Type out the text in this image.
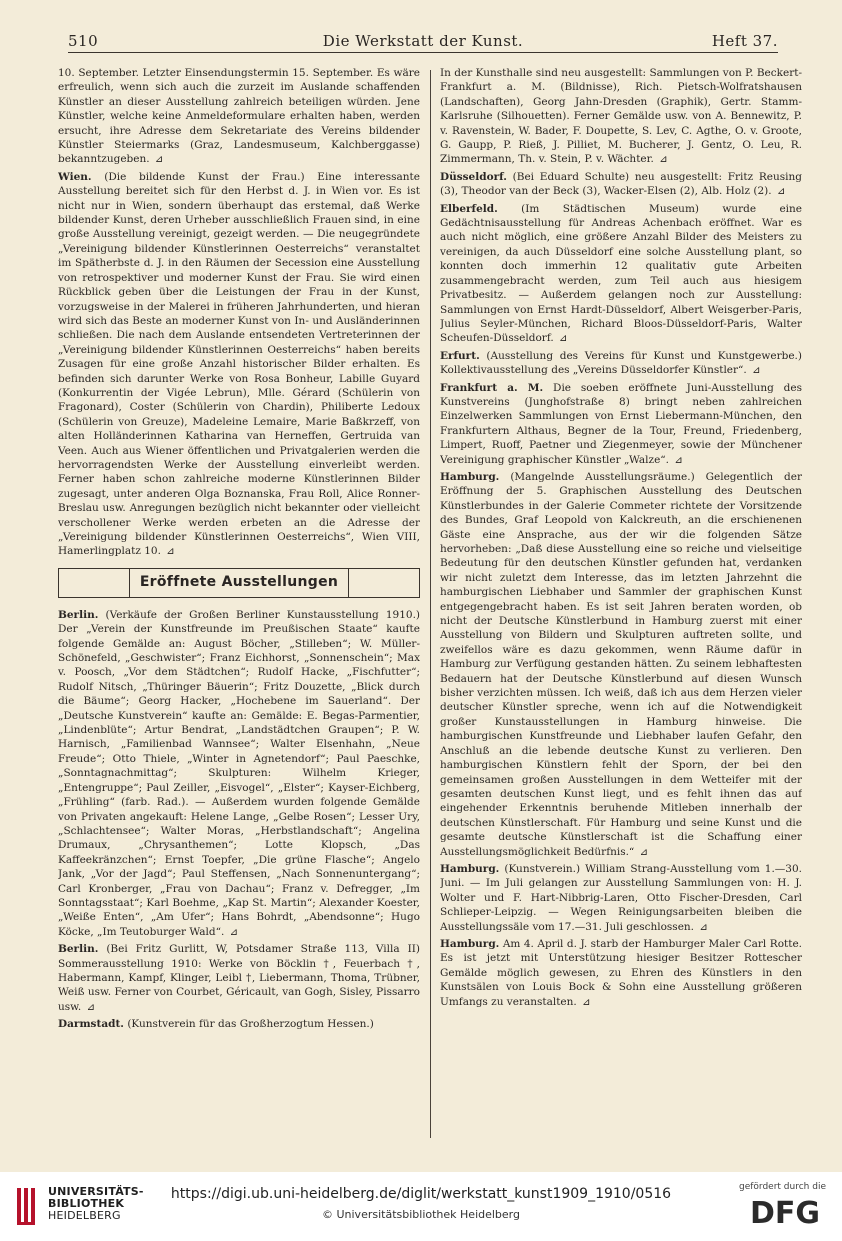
510	Die Werkstatt der Kunst.	Heft 37.

10. September. Letzter Einsendungstermin 15. September. Es wäre erfreulich, wenn sich auch die zurzeit im Auslande schaffenden Künstler an dieser Ausstellung zahlreich beteiligen würden. Jene Künstler, welche keine Anmeldeformulare erhalten haben, werden ersucht, ihre Adresse dem Sekretariate des Vereins bildender Künstler Steiermarks (Graz, Landesmuseum, Kalchberggasse) bekanntzugeben. ⊿

Wien. (Die bildende Kunst der Frau.) Eine interessante Ausstellung bereitet sich für den Herbst d. J. in Wien vor. Es ist nicht nur in Wien, sondern überhaupt das erstemal, daß Werke bildender Kunst, deren Urheber ausschließlich Frauen sind, in eine große Ausstellung vereinigt, gezeigt werden. — Die neugegründete „Vereinigung bildender Künstlerinnen Oesterreichs“ veranstaltet im Spätherbste d. J. in den Räumen der Secession eine Ausstellung von retrospektiver und moderner Kunst der Frau. Sie wird einen Rückblick geben über die Leistungen der Frau in der Kunst, vorzugsweise in der Malerei in früheren Jahrhunderten, und hieran wird sich das Beste an moderner Kunst von In- und Ausländerinnen schließen. Die nach dem Auslande entsendeten Vertreterinnen der „Vereinigung bildender Künstlerinnen Oesterreichs“ haben bereits Zusagen für eine große Anzahl historischer Bilder erhalten. Es befinden sich darunter Werke von Rosa Bonheur, Labille Guyard (Konkurrentin der Vigée Lebrun), Mlle. Gérard (Schülerin von Fragonard), Coster (Schülerin von Chardin), Philiberte Ledoux (Schülerin von Greuze), Madeleine Lemaire, Marie Baßkrzeff, von alten Holländerinnen Katharina van Herneffen, Gertruida van Veen. Auch aus Wiener öffentlichen und Privatgalerien werden die hervorragendsten Werke der Ausstellung einverleibt werden. Ferner haben schon zahlreiche moderne Künstlerinnen Bilder zugesagt, unter anderen Olga Boznanska, Frau Roll, Alice Ronner-Breslau usw. Anregungen bezüglich nicht bekannter oder vielleicht verschollener Werke werden erbeten an die Adresse der „Vereinigung bildender Künstlerinnen Oesterreichs“, Wien VIII, Hamerlingplatz 10. ⊿

Eröffnete Ausstellungen

Berlin. (Verkäufe der Großen Berliner Kunstausstellung 1910.) Der „Verein der Kunstfreunde im Preußischen Staate“ kaufte folgende Gemälde an: August Böcher, „Stilleben“; W. Müller-Schönefeld, „Geschwister“; Franz Eichhorst, „Sonnenschein“; Max v. Poosch, „Vor dem Städtchen“; Rudolf Hacke, „Fischfutter“; Rudolf Nitsch, „Thüringer Bäuerin“; Fritz Douzette, „Blick durch die Bäume“; Georg Hacker, „Hochebene im Sauerland“. Der „Deutsche Kunstverein“ kaufte an: Gemälde: E. Begas-Parmentier, „Lindenblüte“; Artur Bendrat, „Landstädtchen Graupen“; P. W. Harnisch, „Familienbad Wannsee“; Walter Elsenhahn, „Neue Freude“; Otto Thiele, „Winter in Agnetendorf“; Paul Paeschke, „Sonntagnachmittag“; Skulpturen: Wilhelm Krieger, „Entengruppe“; Paul Zeiller, „Eisvogel“, „Elster“; Kayser-Eichberg, „Frühling“ (farb. Rad.). — Außerdem wurden folgende Gemälde von Privaten angekauft: Helene Lange, „Gelbe Rosen“; Lesser Ury, „Schlachtensee“; Walter Moras, „Herbstlandschaft“; Angelina Drumaux, „Chrysanthemen“; Lotte Klopsch, „Das Kaffeekränzchen“; Ernst Toepfer, „Die grüne Flasche“; Angelo Jank, „Vor der Jagd“; Paul Steffensen, „Nach Sonnenuntergang“; Carl Kronberger, „Frau von Dachau“; Franz v. Defregger, „Im Sonntagsstaat“; Karl Boehme, „Kap St. Martin“; Alexander Koester, „Weiße Enten“, „Am Ufer“; Hans Bohrdt, „Abendsonne“; Hugo Köcke, „Im Teutoburger Wald“. ⊿

Berlin. (Bei Fritz Gurlitt, W, Potsdamer Straße 113, Villa II) Sommerausstellung 1910: Werke von Böcklin †, Feuerbach †, Habermann, Kampf, Klinger, Leibl †, Liebermann, Thoma, Trübner, Weiß usw. Ferner von Courbet, Géricault, van Gogh, Sisley, Pissarro usw. ⊿

Darmstadt. (Kunstverein für das Großherzogtum Hessen.)

In der Kunsthalle sind neu ausgestellt: Sammlungen von P. Beckert-Frankfurt a. M. (Bildnisse), Rich. Pietsch-Wolfratshausen (Landschaften), Georg Jahn-Dresden (Graphik), Gertr. Stamm-Karlsruhe (Silhouetten). Ferner Gemälde usw. von A. Bennewitz, P. v. Ravenstein, W. Bader, F. Doupette, S. Lev, C. Agthe, O. v. Groote, G. Gaupp, P. Rieß, J. Pilliet, M. Bucherer, J. Gentz, O. Leu, R. Zimmermann, Th. v. Stein, P. v. Wächter. ⊿

Düsseldorf. (Bei Eduard Schulte) neu ausgestellt: Fritz Reusing (3), Theodor van der Beck (3), Wacker-Elsen (2), Alb. Holz (2). ⊿

Elberfeld. (Im Städtischen Museum) wurde eine Gedächtnisausstellung für Andreas Achenbach eröffnet. War es auch nicht möglich, eine größere Anzahl Bilder des Meisters zu vereinigen, da auch Düsseldorf eine solche Ausstellung plant, so konnten doch immerhin 12 qualitativ gute Arbeiten zusammengebracht werden, zum Teil auch aus hiesigem Privatbesitz. — Außerdem gelangen noch zur Ausstellung: Sammlungen von Ernst Hardt-Düsseldorf, Albert Weisgerber-Paris, Julius Seyler-München, Richard Bloos-Düsseldorf-Paris, Walter Scheufen-Düsseldorf. ⊿

Erfurt. (Ausstellung des Vereins für Kunst und Kunstgewerbe.) Kollektivausstellung des „Vereins Düsseldorfer Künstler“. ⊿

Frankfurt a. M. Die soeben eröffnete Juni-Ausstellung des Kunstvereins (Junghofstraße 8) bringt neben zahlreichen Einzelwerken Sammlungen von Ernst Liebermann-München, den Frankfurtern Althaus, Begner de la Tour, Freund, Friedenberg, Limpert, Ruoff, Paetner und Ziegenmeyer, sowie der Münchener Vereinigung graphischer Künstler „Walze“. ⊿

Hamburg. (Mangelnde Ausstellungsräume.) Gelegentlich der Eröffnung der 5. Graphischen Ausstellung des Deutschen Künstlerbundes in der Galerie Commeter richtete der Vorsitzende des Bundes, Graf Leopold von Kalckreuth, an die erschienenen Gäste eine Ansprache, aus der wir die folgenden Sätze hervorheben: „Daß diese Ausstellung eine so reiche und vielseitige Bedeutung für den deutschen Künstler gefunden hat, verdanken wir nicht zuletzt dem Interesse, das im letzten Jahrzehnt die hamburgischen Liebhaber und Sammler der graphischen Kunst entgegengebracht haben. Es ist seit Jahren beraten worden, ob nicht der Deutsche Künstlerbund in Hamburg zuerst mit einer Ausstellung von Bildern und Skulpturen auftreten sollte, und zweifellos wäre es dazu gekommen, wenn Räume dafür in Hamburg zur Verfügung gestanden hätten. Zu seinem lebhaftesten Bedauern hat der Deutsche Künstlerbund auf diesen Wunsch bisher verzichten müssen. Ich weiß, daß ich aus dem Herzen vieler deutscher Künstler spreche, wenn ich auf die Notwendigkeit großer Kunstausstellungen in Hamburg hinweise. Die hamburgischen Kunstfreunde und Liebhaber laufen Gefahr, den Anschluß an die lebende deutsche Kunst zu verlieren. Den hamburgischen Künstlern fehlt der Sporn, der bei den gemeinsamen großen Ausstellungen in dem Wetteifer mit der gesamten deutschen Kunst liegt, und es fehlt ihnen das auf eingehender Erkenntnis beruhende Mitleben innerhalb der deutschen Künstlerschaft. Für Hamburg und seine Kunst und die gesamte deutsche Künstlerschaft ist die Schaffung einer Ausstellungsmöglichkeit Bedürfnis.“ ⊿

Hamburg. (Kunstverein.) William Strang-Ausstellung vom 1.—30. Juni. — Im Juli gelangen zur Ausstellung Sammlungen von: H. J. Wolter und F. Hart-Nibbrig-Laren, Otto Fischer-Dresden, Carl Schlieper-Leipzig. — Wegen Reinigungsarbeiten bleiben die Ausstellungssäle vom 17.—31. Juli geschlossen. ⊿

Hamburg. Am 4. April d. J. starb der Hamburger Maler Carl Rotte. Es ist jetzt mit Unterstützung hiesiger Besitzer Rottescher Gemälde möglich gewesen, zu Ehren des Künstlers in den Kunstsälen von Louis Bock & Sohn eine Ausstellung größeren Umfangs zu veranstalten. ⊿

UNIVERSITÄTS-
BIBLIOTHEK
HEIDELBERG
https://digi.ub.uni-heidelberg.de/diglit/werkstatt_kunst1909_1910/0516
© Universitätsbibliothek Heidelberg
gefördert durch die
DFG
